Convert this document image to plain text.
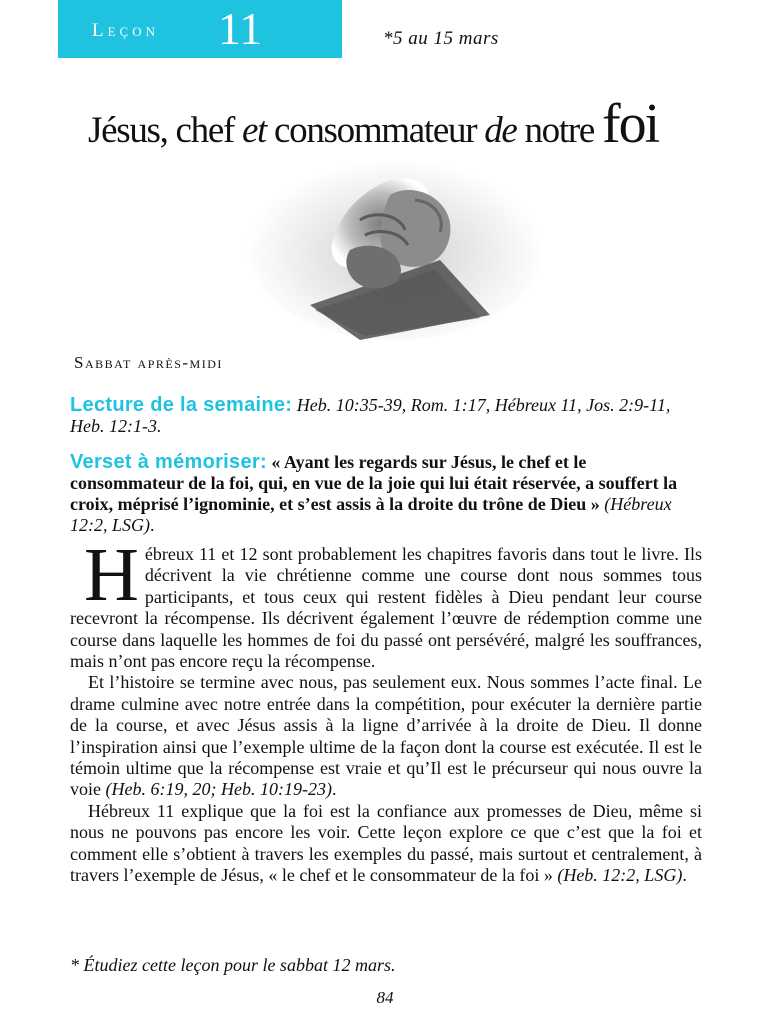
Leçon 11	*5 au 15 mars
Jésus, chef et consommateur de notre foi
Sabbat après-midi
Lecture de la semaine: Heb. 10:35-39, Rom. 1:17, Hébreux 11, Jos. 2:9-11, Heb. 12:1-3.
Verset à mémoriser: « Ayant les regards sur Jésus, le chef et le consommateur de la foi, qui, en vue de la joie qui lui était réservée, a souffert la croix, méprisé l’ignominie, et s’est assis à la droite du trône de Dieu » (Hébreux 12:2, LSG).

Hébreux 11 et 12 sont probablement les chapitres favoris dans tout le livre. Ils décrivent la vie chrétienne comme une course dont nous sommes tous participants, et tous ceux qui restent fidèles à Dieu pendant leur course recevront la récompense. Ils décrivent également l’œuvre de rédemption comme une course dans laquelle les hommes de foi du passé ont persévéré, malgré les souffrances, mais n’ont pas encore reçu la récompense.

Et l’histoire se termine avec nous, pas seulement eux. Nous sommes l’acte final. Le drame culmine avec notre entrée dans la compétition, pour exécuter la dernière partie de la course, et avec Jésus assis à la ligne d’arrivée à la droite de Dieu. Il donne l’inspiration ainsi que l’exemple ultime de la façon dont la course est exécutée. Il est le témoin ultime que la récompense est vraie et qu’Il est le précurseur qui nous ouvre la voie (Heb. 6:19, 20; Heb. 10:19-23).

Hébreux 11 explique que la foi est la confiance aux promesses de Dieu, même si nous ne pouvons pas encore les voir. Cette leçon explore ce que c’est que la foi et comment elle s’obtient à travers les exemples du passé, mais surtout et centralement, à travers l’exemple de Jésus, « le chef et le consommateur de la foi » (Heb. 12:2, LSG).

* Étudiez cette leçon pour le sabbat 12 mars.
84
